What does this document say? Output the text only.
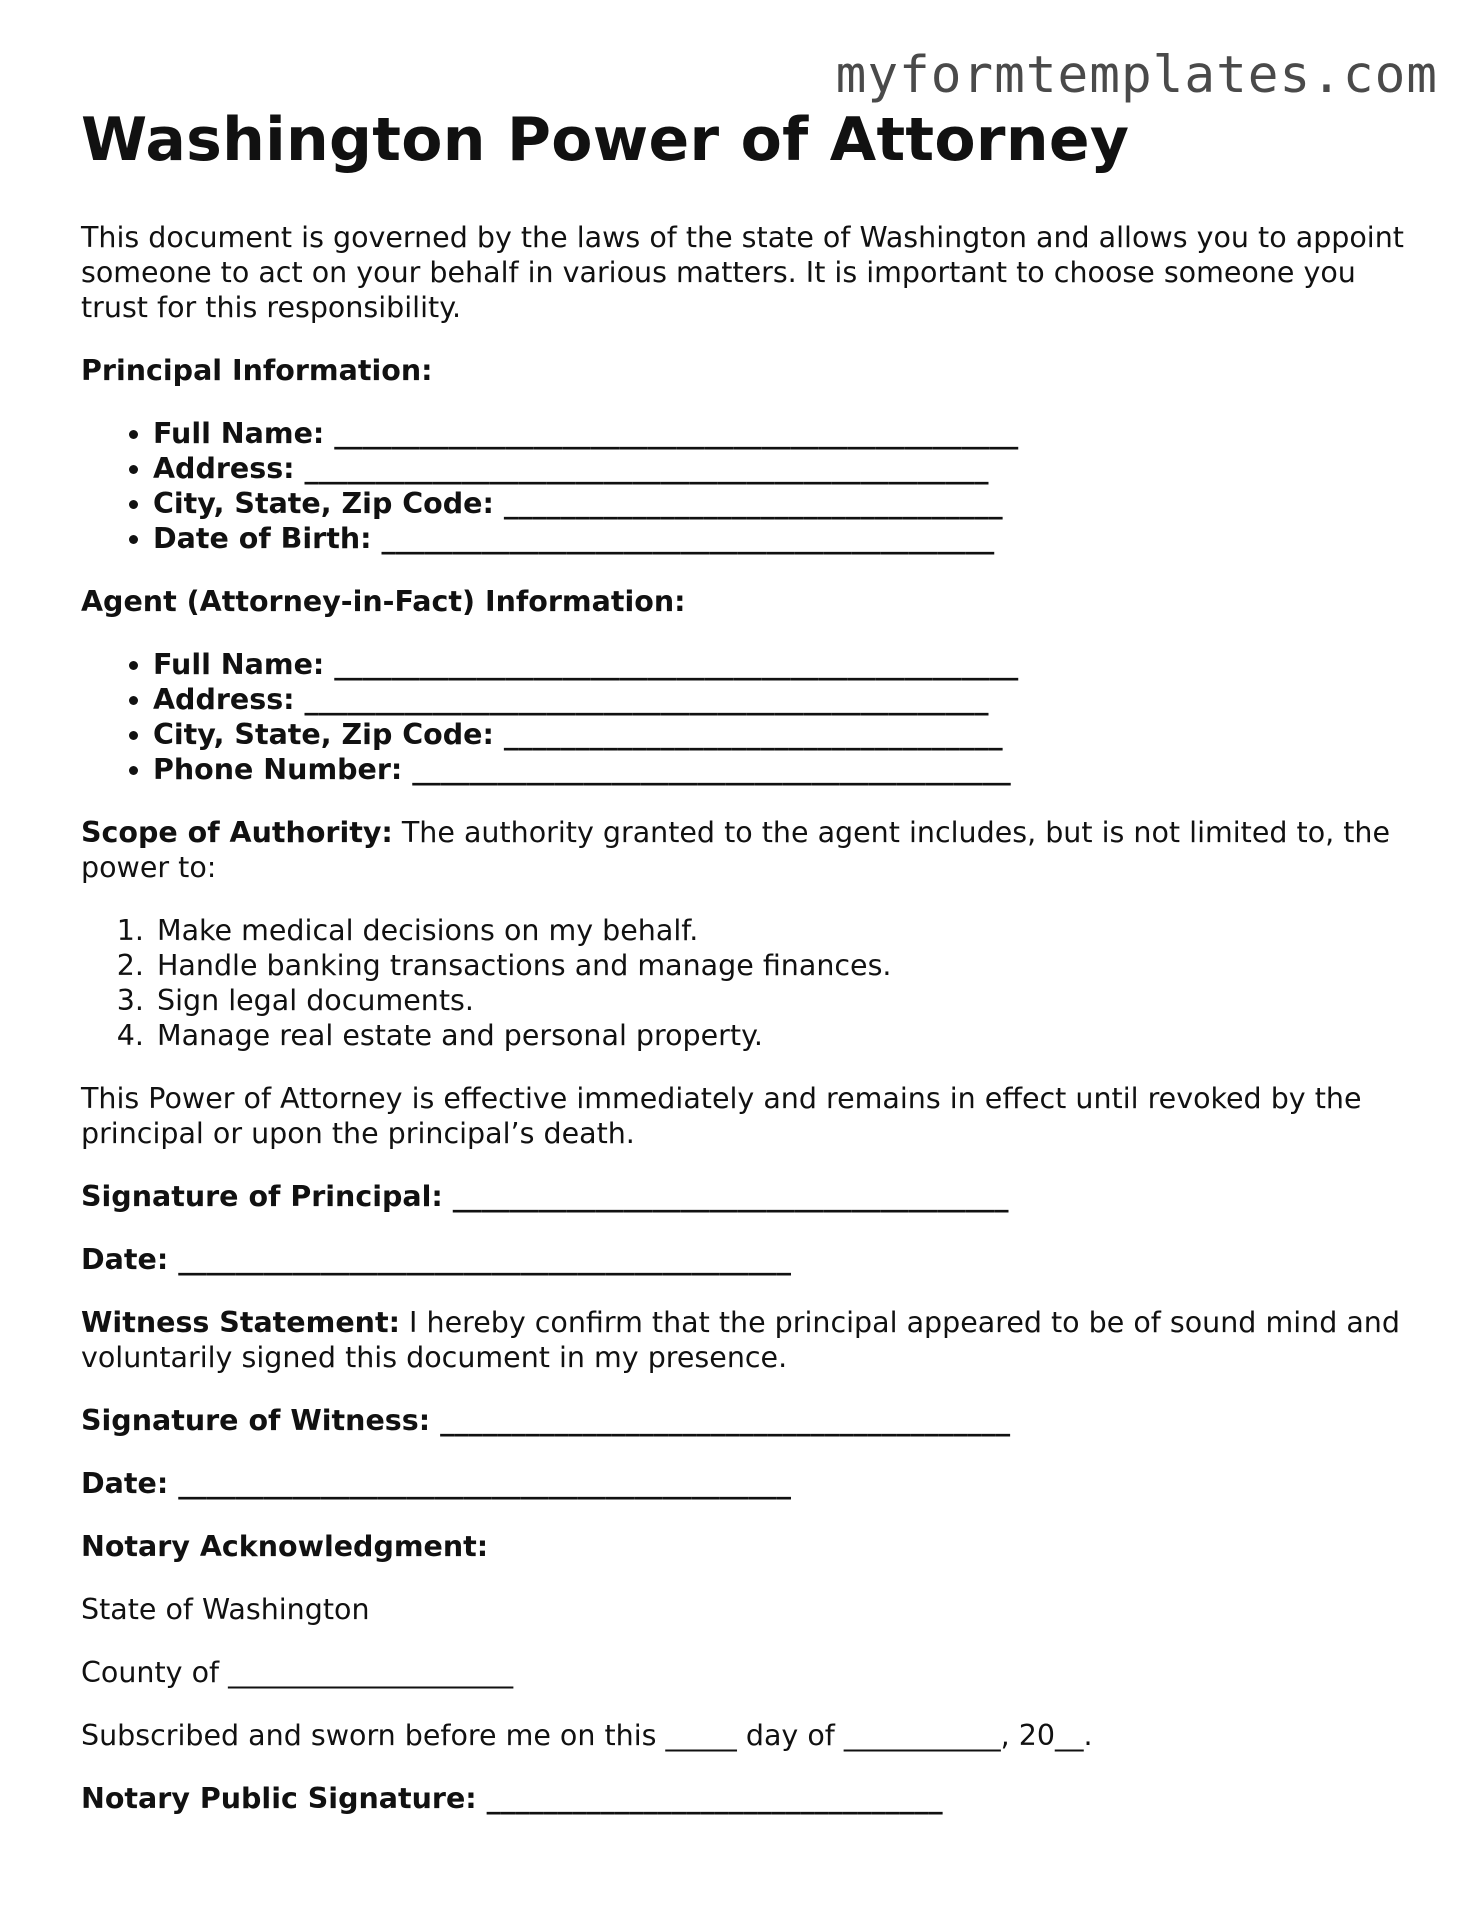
myformtemplates.com
Washington Power of Attorney

This document is governed by the laws of the state of Washington and allows you to appoint someone to act on your behalf in various matters. It is important to choose someone you trust for this responsibility.

Principal Information:

• Full Name: ________________________________________________
• Address: ________________________________________________
• City, State, Zip Code: ___________________________________
• Date of Birth: ___________________________________________

Agent (Attorney-in-Fact) Information:

• Full Name: ________________________________________________
• Address: ________________________________________________
• City, State, Zip Code: ___________________________________
• Phone Number: __________________________________________

Scope of Authority: The authority granted to the agent includes, but is not limited to, the power to:

1. Make medical decisions on my behalf.
2. Handle banking transactions and manage finances.
3. Sign legal documents.
4. Manage real estate and personal property.

This Power of Attorney is effective immediately and remains in effect until revoked by the principal or upon the principal’s death.

Signature of Principal: _______________________________________

Date: ___________________________________________

Witness Statement: I hereby confirm that the principal appeared to be of sound mind and voluntarily signed this document in my presence.

Signature of Witness: ________________________________________

Date: ___________________________________________

Notary Acknowledgment:

State of Washington

County of ____________________

Subscribed and sworn before me on this _____ day of ___________, 20__.

Notary Public Signature: ________________________________
